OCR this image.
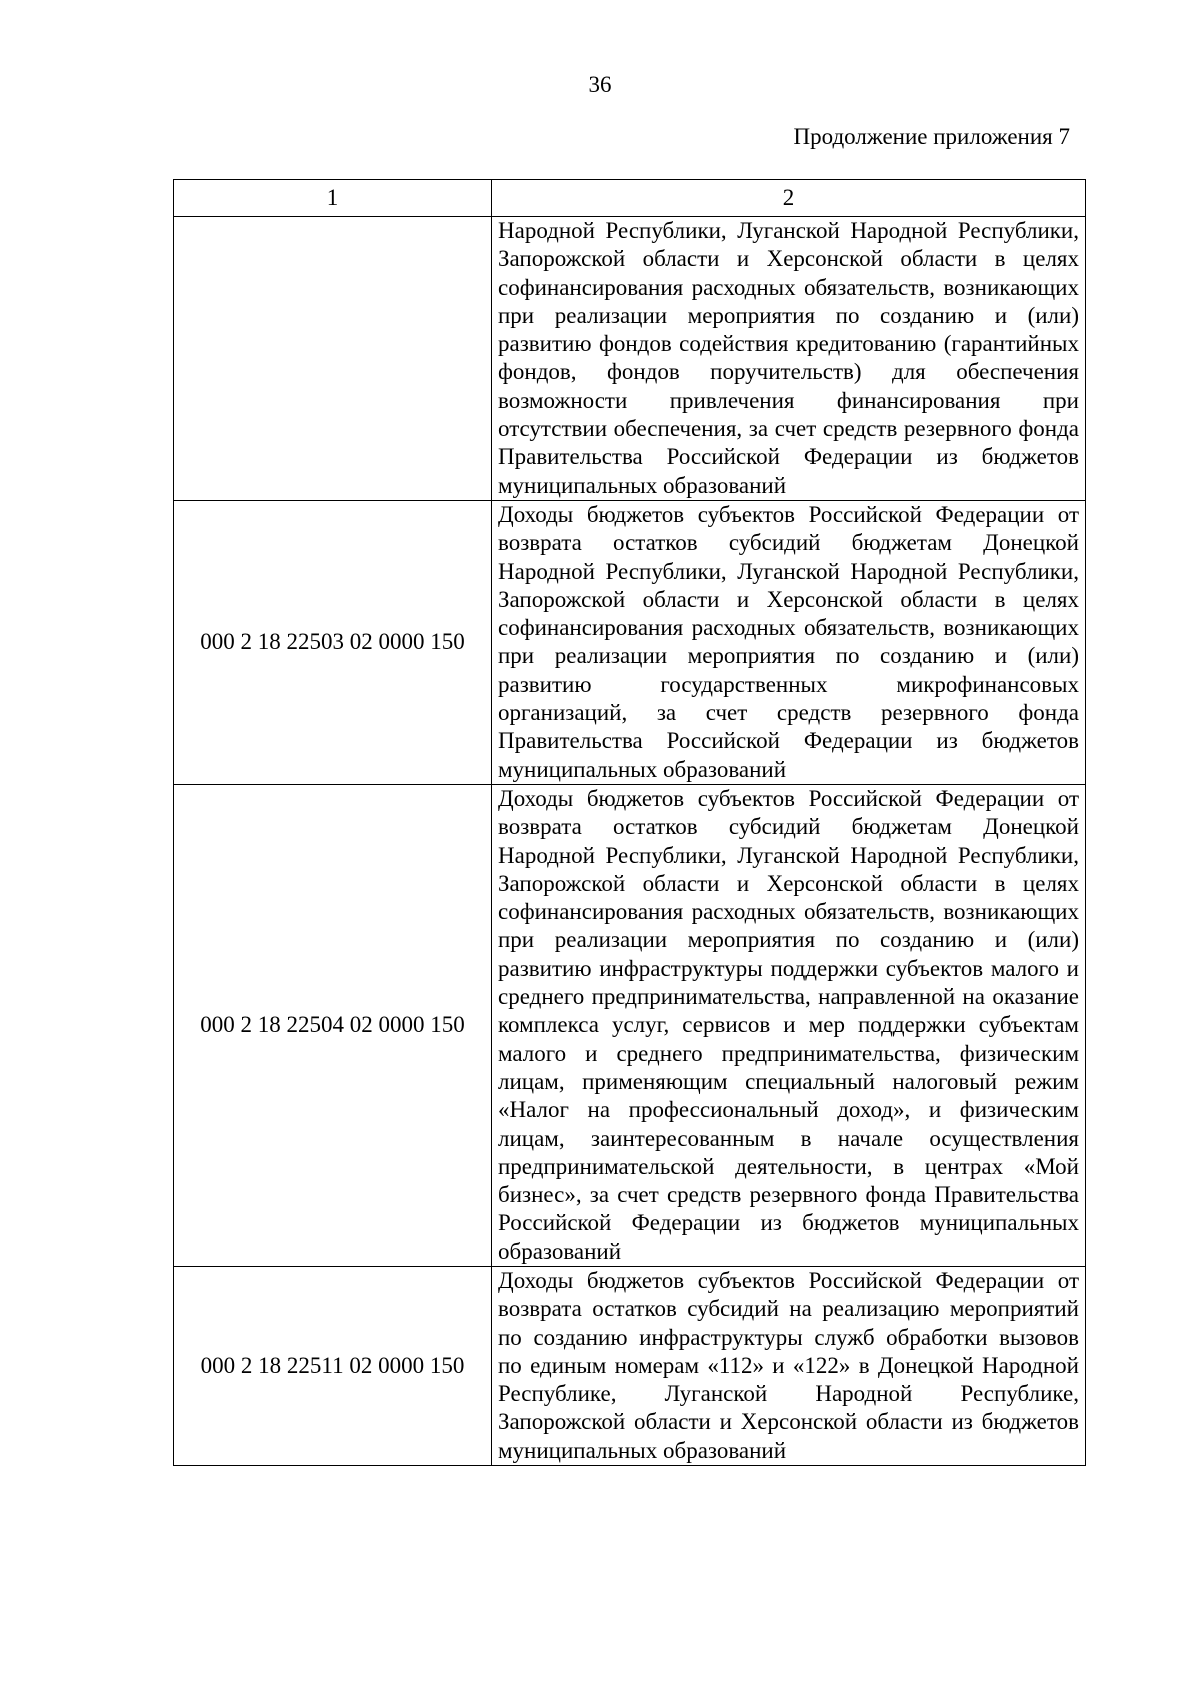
36
Продолжение приложения 7
1	2
	Народной Республики, Луганской Народной Республики, Запорожской области и Херсонской области в целях софинансирования расходных обязательств, возникающих при реализации мероприятия по созданию и (или) развитию фондов содействия кредитованию (гарантийных фондов, фондов поручительств) для обеспечения возможности привлечения финансирования при отсутствии обеспечения, за счет средств резервного фонда Правительства Российской Федерации из бюджетов муниципальных образований
000 2 18 22503 02 0000 150	Доходы бюджетов субъектов Российской Федерации от возврата остатков субсидий бюджетам Донецкой Народной Республики, Луганской Народной Республики, Запорожской области и Херсонской области в целях софинансирования расходных обязательств, возникающих при реализации мероприятия по созданию и (или) развитию государственных микрофинансовых организаций, за счет средств резервного фонда Правительства Российской Федерации из бюджетов муниципальных образований
000 2 18 22504 02 0000 150	Доходы бюджетов субъектов Российской Федерации от возврата остатков субсидий бюджетам Донецкой Народной Республики, Луганской Народной Республики, Запорожской области и Херсонской области в целях софинансирования расходных обязательств, возникающих при реализации мероприятия по созданию и (или) развитию инфраструктуры поддержки субъектов малого и среднего предпринимательства, направленной на оказание комплекса услуг, сервисов и мер поддержки субъектам малого и среднего предпринимательства, физическим лицам, применяющим специальный налоговый режим «Налог на профессиональный доход», и физическим лицам, заинтересованным в начале осуществления предпринимательской деятельности, в центрах «Мой бизнес», за счет средств резервного фонда Правительства Российской Федерации из бюджетов муниципальных образований
000 2 18 22511 02 0000 150	Доходы бюджетов субъектов Российской Федерации от возврата остатков субсидий на реализацию мероприятий по созданию инфраструктуры служб обработки вызовов по единым номерам «112» и «122» в Донецкой Народной Республике, Луганской Народной Республике, Запорожской области и Херсонской области из бюджетов муниципальных образований
